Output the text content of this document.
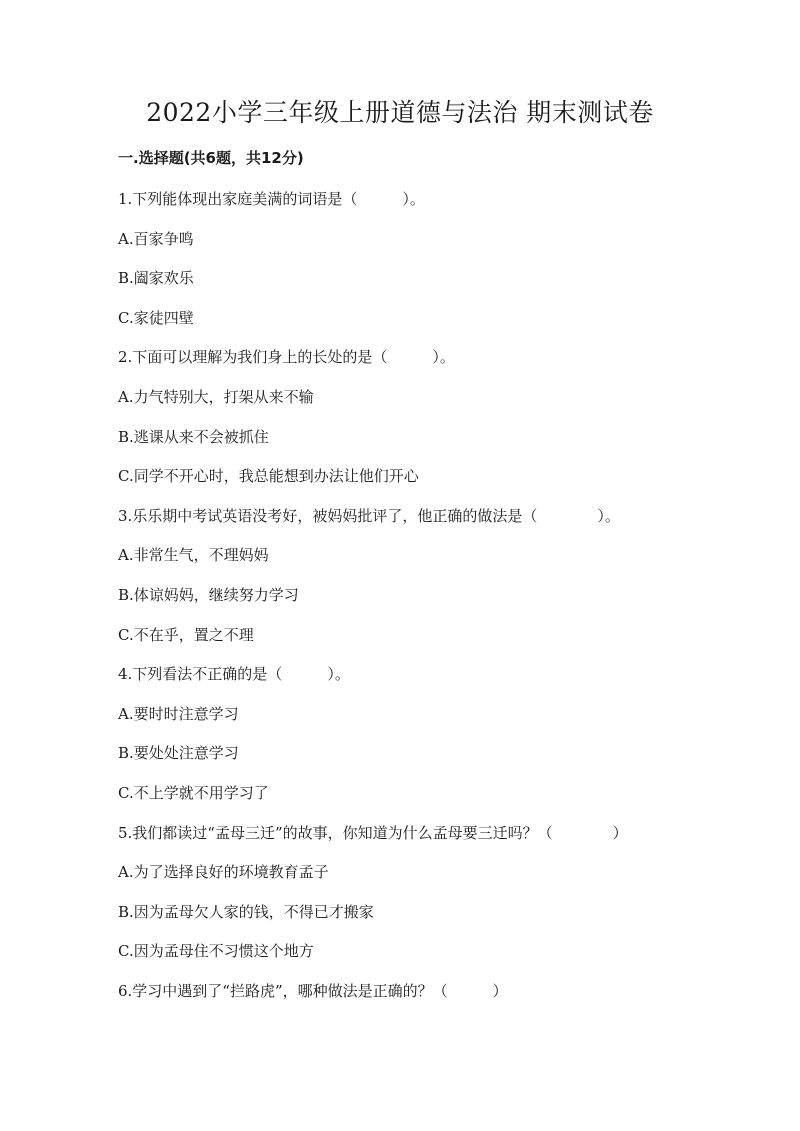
2022小学三年级上册道德与法治 期末测试卷
一.选择题(共6题，共12分)
1.下列能体现出家庭美满的词语是（　　　）。
A.百家争鸣
B.阖家欢乐
C.家徒四壁
2.下面可以理解为我们身上的长处的是（　　　）。
A.力气特别大，打架从来不输
B.逃课从来不会被抓住
C.同学不开心时，我总能想到办法让他们开心
3.乐乐期中考试英语没考好，被妈妈批评了，他正确的做法是（　　　　）。
A.非常生气，不理妈妈
B.体谅妈妈，继续努力学习
C.不在乎，置之不理
4.下列看法不正确的是（　　　）。
A.要时时注意学习
B.要处处注意学习
C.不上学就不用学习了
5.我们都读过“孟母三迁”的故事，你知道为什么孟母要三迁吗？（　　　　）
A.为了选择良好的环境教育孟子
B.因为孟母欠人家的钱，不得已才搬家
C.因为孟母住不习惯这个地方
6.学习中遇到了“拦路虎”，哪种做法是正确的？（　　　）
